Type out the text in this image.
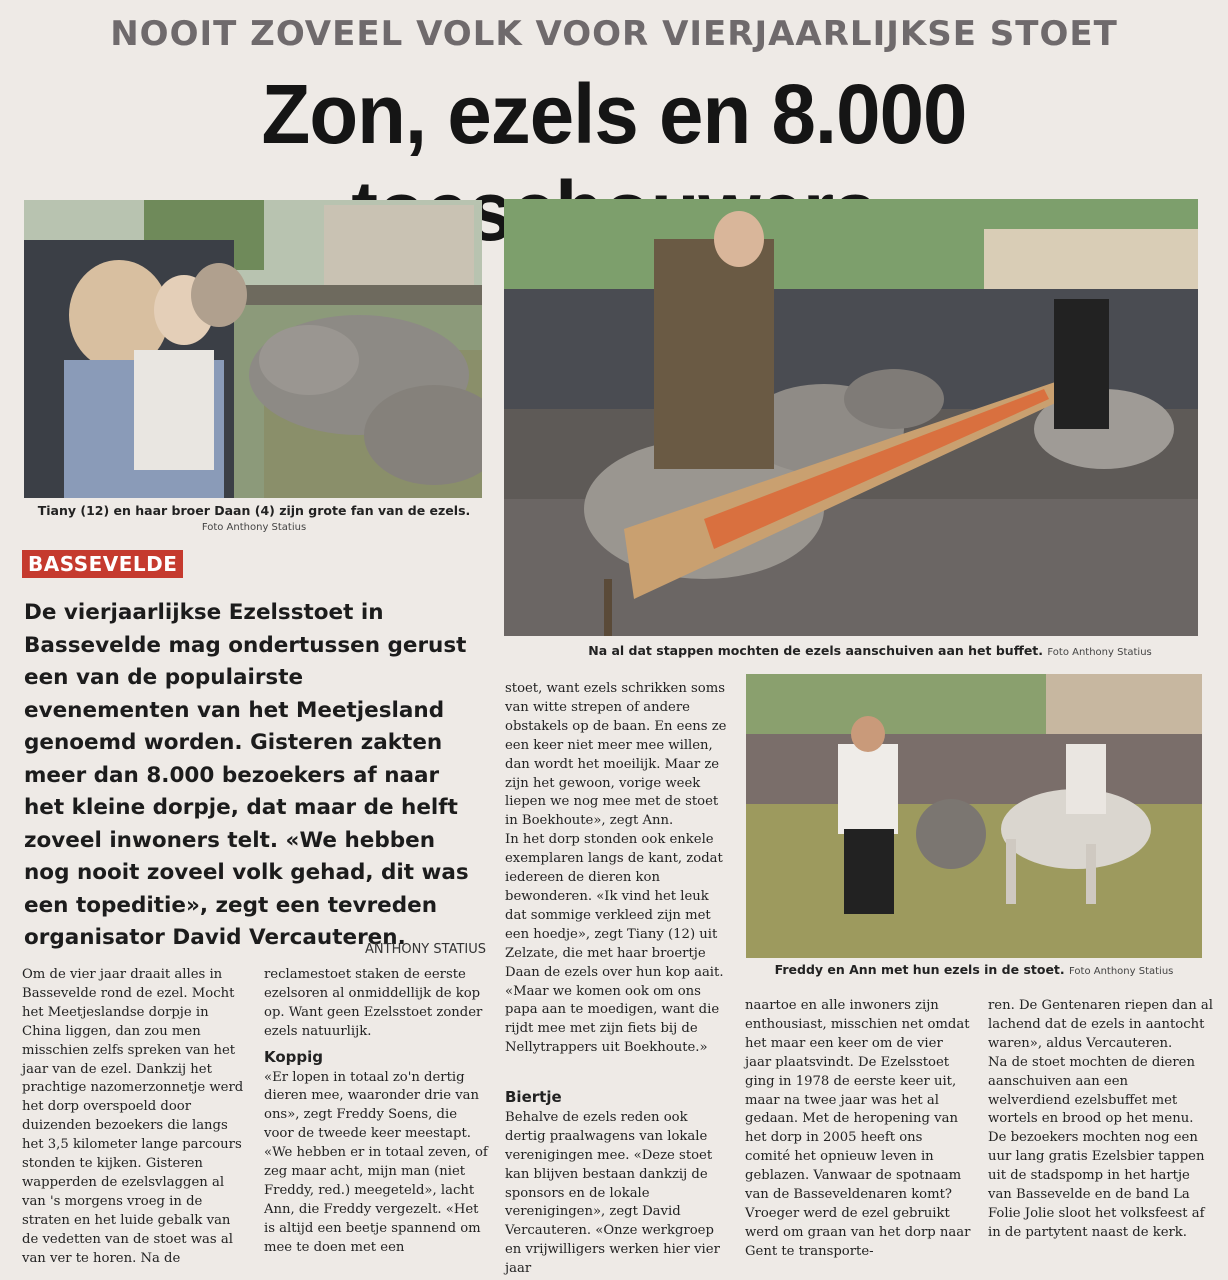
NOOIT ZOVEEL VOLK VOOR VIERJAARLIJKSE STOET
Zon, ezels en 8.000
Tiany (12) en haar broer Daan (4) zijn grote fan van de ezels.
Foto Anthony Statius
Na al dat stappen mochten de ezels aanschuiven aan het buffet. Foto Anthony Statius
Freddy en Ann met hun ezels in de stoet. Foto Anthony Statius
BASSEVELDE
De vierjaarlijkse Ezelsstoet in Bassevelde mag ondertussen gerust een van de populairste evenementen van het Meetjesland genoemd worden. Gisteren zakten meer dan 8.000 bezoekers af naar het kleine dorpje, dat maar de helft zoveel inwoners telt. «We hebben nog nooit zoveel volk gehad, dit was een topeditie», zegt een tevreden organisator David Vercauteren.
ANTHONY STATIUS

Om de vier jaar draait alles in Bassevelde rond de ezel. Mocht het Meetjeslandse dorpje in China liggen, dan zou men misschien zelfs spreken van het jaar van de ezel. Dankzij het prachtige nazomerzonnetje werd het dorp overspoeld door duizenden bezoekers die langs het 3,5 kilometer lange parcours stonden te kijken. Gisteren wapperden de ezelsvlaggen al van 's morgens vroeg in de straten en het luide gebalk van de vedetten van de stoet was al van ver te horen. Na de

reclamestoet staken de eerste ezelsoren al onmiddellijk de kop op. Want geen Ezelsstoet zonder ezels natuurlijk.

Koppig

«Er lopen in totaal zo'n dertig dieren mee, waaronder drie van ons», zegt Freddy Soens, die voor de tweede keer meestapt. «We hebben er in totaal zeven, of zeg maar acht, mijn man (niet Freddy, red.) meegeteld», lacht Ann, die Freddy vergezelt. «Het is altijd een beetje spannend om mee te doen met een

stoet, want ezels schrikken soms van witte strepen of andere obstakels op de baan. En eens ze een keer niet meer mee willen, dan wordt het moeilijk. Maar ze zijn het gewoon, vorige week liepen we nog mee met de stoet in Boekhoute», zegt Ann.

In het dorp stonden ook enkele exemplaren langs de kant, zodat iedereen de dieren kon bewonderen. «Ik vind het leuk dat sommige verkleed zijn met een hoedje», zegt Tiany (12) uit Zelzate, die met haar broertje Daan de ezels over hun kop aait. «Maar we komen ook om ons papa aan te moedigen, want die rijdt mee met zijn fiets bij de Nellytrappers uit Boekhoute.»

Biertje

Behalve de ezels reden ook dertig praalwagens van lokale verenigingen mee. «Deze stoet kan blijven bestaan dankzij de sponsors en de lokale verenigingen», zegt David Vercauteren. «Onze werkgroep en vrijwilligers werken hier vier jaar

naartoe en alle inwoners zijn enthousiast, misschien net omdat het maar een keer om de vier jaar plaatsvindt. De Ezelsstoet ging in 1978 de eerste keer uit, maar na twee jaar was het al gedaan. Met de heropening van het dorp in 2005 heeft ons comité het opnieuw leven in geblazen. Vanwaar de spotnaam van de Basseveldenaren komt? Vroeger werd de ezel gebruikt werd om graan van het dorp naar Gent te transporte-

ren. De Gentenaren riepen dan al lachend dat de ezels in aantocht waren», aldus Vercauteren.

Na de stoet mochten de dieren aanschuiven aan een welverdiend ezelsbuffet met wortels en brood op het menu. De bezoekers mochten nog een uur lang gratis Ezelsbier tappen uit de stadspomp in het hartje van Bassevelde en de band La Folie Jolie sloot het volksfeest af in de partytent naast de kerk.
